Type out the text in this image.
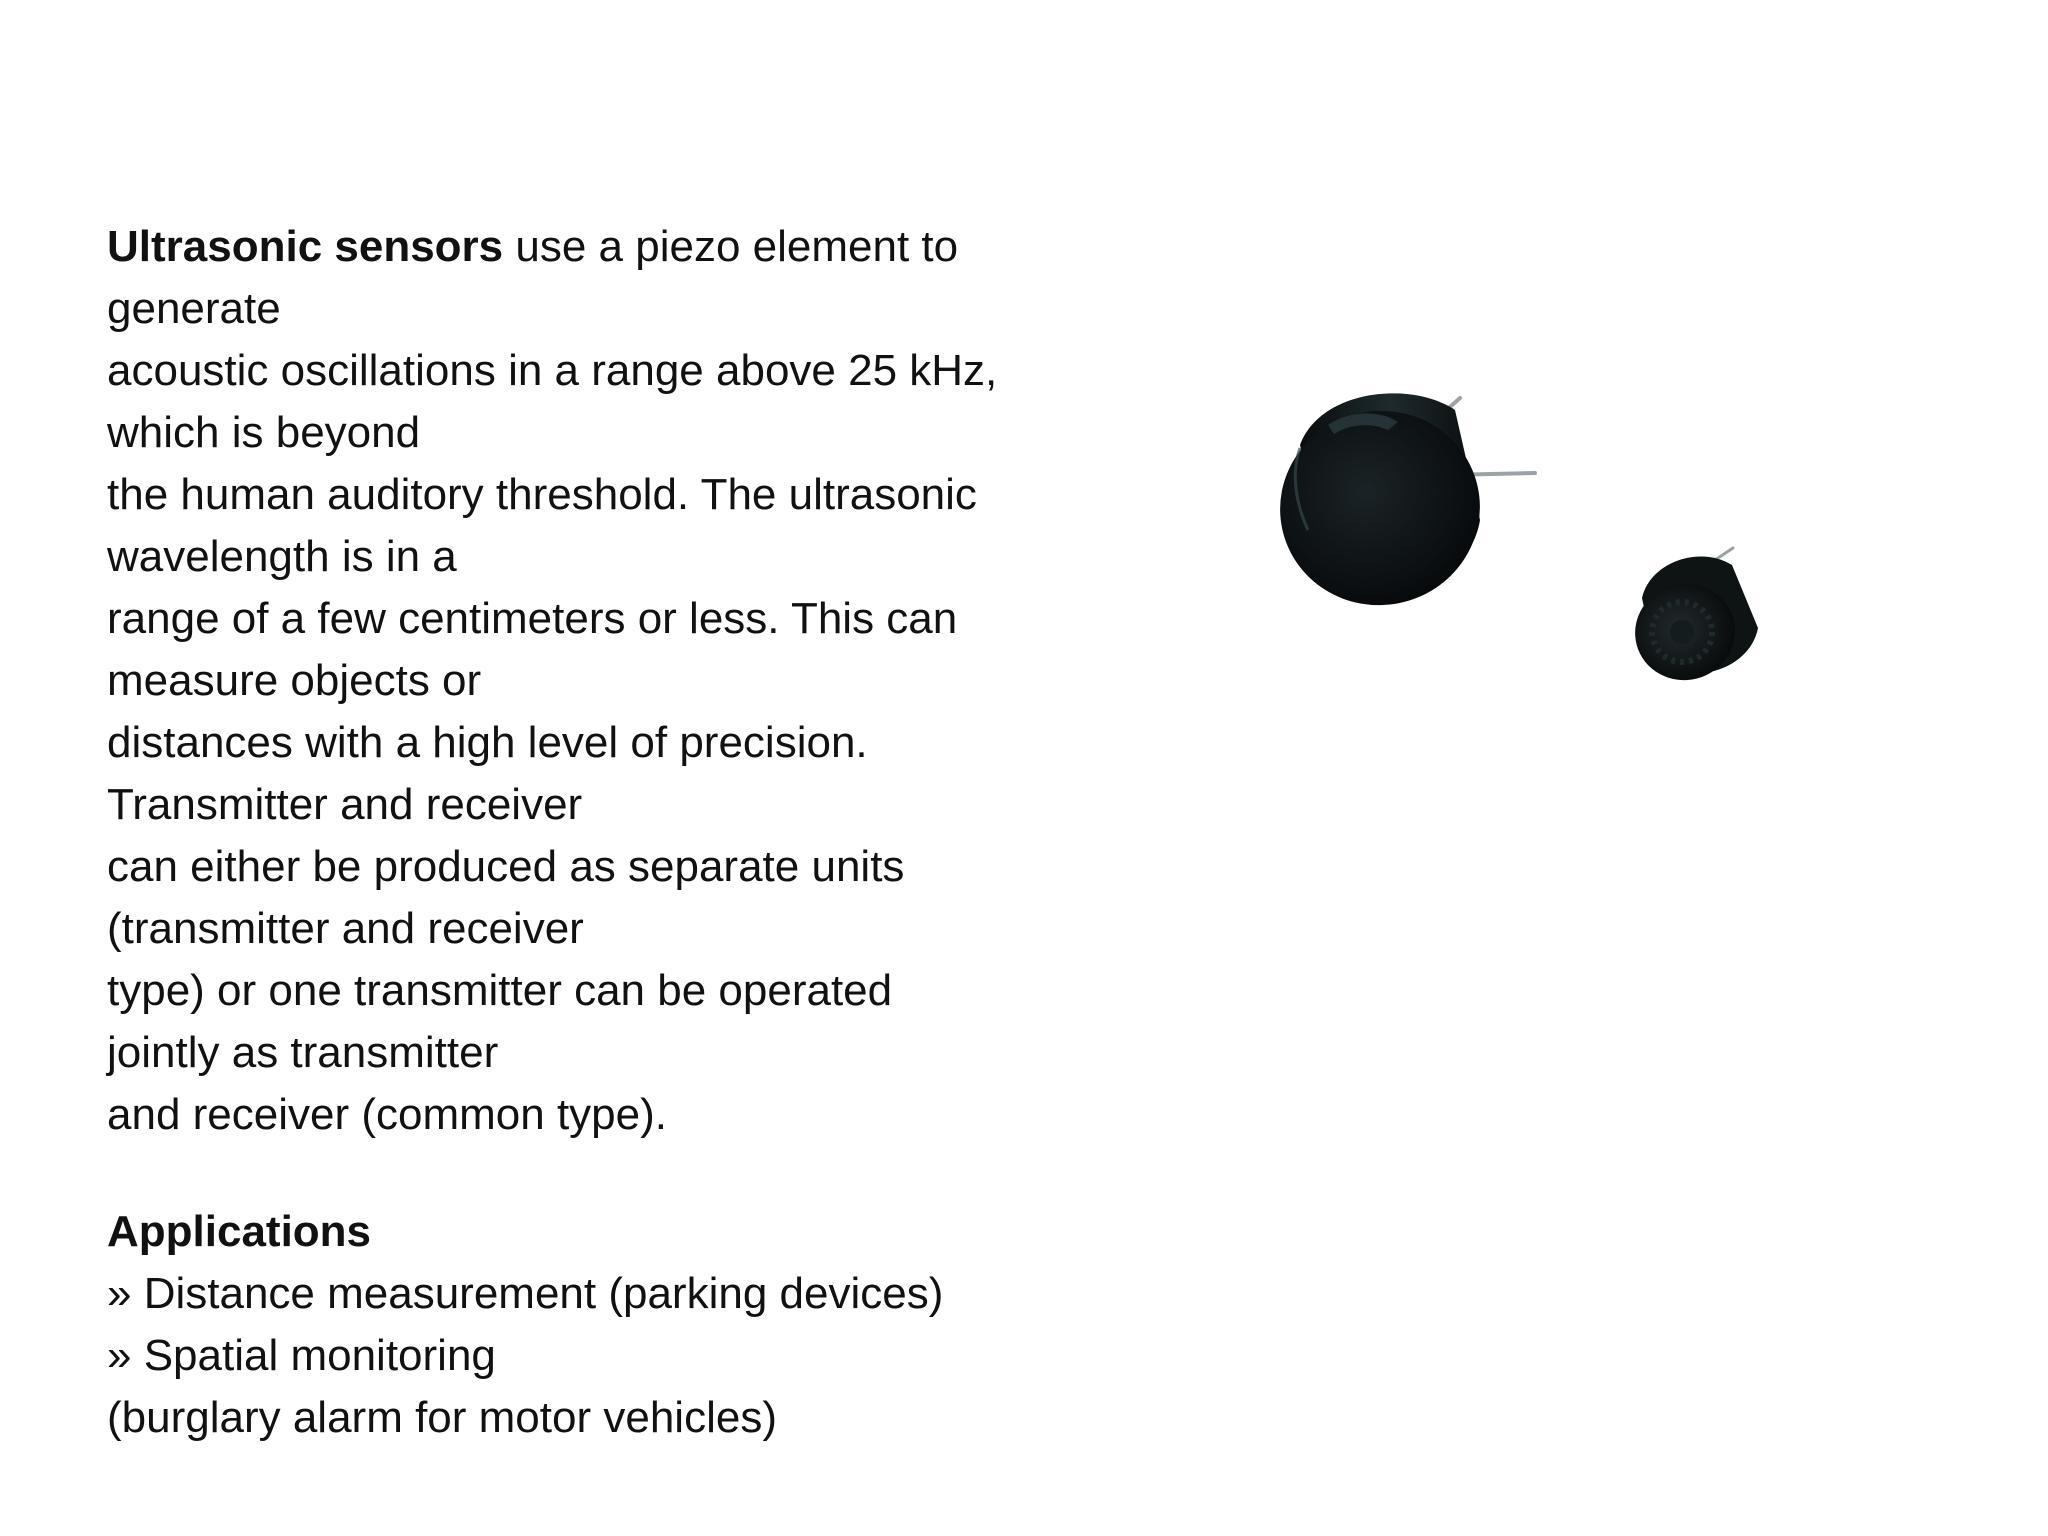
Ultrasonic sensors use a piezo element to
generate
acoustic oscillations in a range above 25 kHz,
which is beyond
the human auditory threshold. The ultrasonic
wavelength is in a
range of a few centimeters or less. This can
measure objects or
distances with a high level of precision.
Transmitter and receiver
can either be produced as separate units
(transmitter and receiver
type) or one transmitter can be operated
jointly as transmitter
and receiver (common type).
Applications
» Distance measurement (parking devices)
» Spatial monitoring
(burglary alarm for motor vehicles)
